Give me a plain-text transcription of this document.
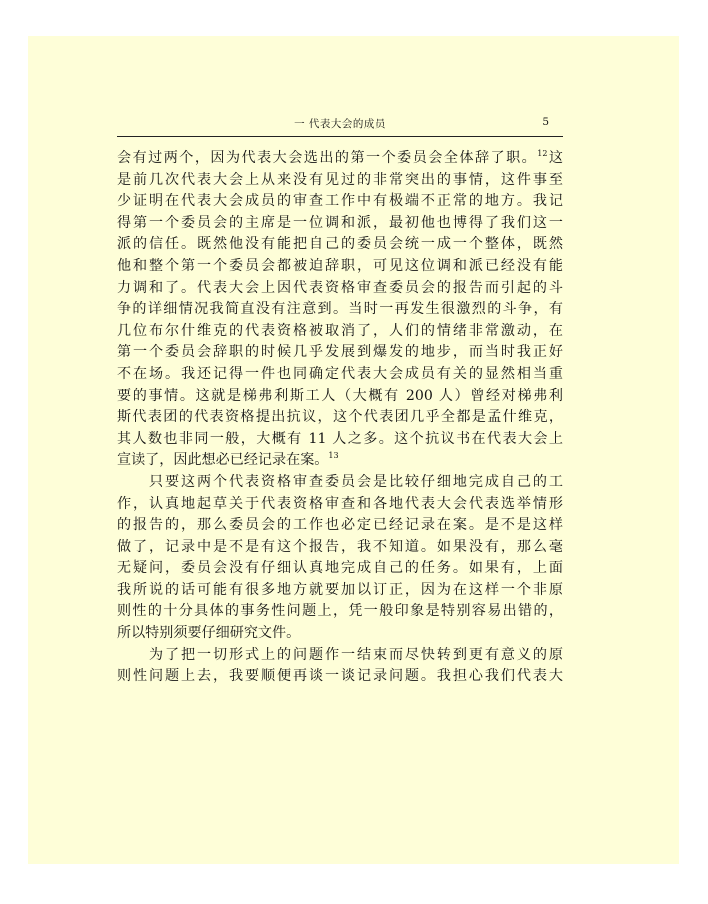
一 代表大会的成员	5
会有过两个，因为代表大会选出的第一个委员会全体辞了职。$^{12}$这
是前几次代表大会上从来没有见过的非常突出的事情，这件事至
少证明在代表大会成员的审查工作中有极端不正常的地方。我记
得第一个委员会的主席是一位调和派，最初他也博得了我们这一
派的信任。既然他没有能把自己的委员会统一成一个整体，既然
他和整个第一个委员会都被迫辞职，可见这位调和派已经没有能
力调和了。代表大会上因代表资格审查委员会的报告而引起的斗
争的详细情况我简直没有注意到。当时一再发生很激烈的斗争，有
几位布尔什维克的代表资格被取消了，人们的情绪非常激动，在
第一个委员会辞职的时候几乎发展到爆发的地步，而当时我正好
不在场。我还记得一件也同确定代表大会成员有关的显然相当重
要的事情。这就是梯弗利斯工人（大概有 200 人）曾经对梯弗利
斯代表团的代表资格提出抗议，这个代表团几乎全都是孟什维克，
其人数也非同一般，大概有 11 人之多。这个抗议书在代表大会上
宣读了，因此想必已经记录在案。$^{13}$
　　只要这两个代表资格审查委员会是比较仔细地完成自己的工
作，认真地起草关于代表资格审查和各地代表大会代表选举情形
的报告的，那么委员会的工作也必定已经记录在案。是不是这样
做了，记录中是不是有这个报告，我不知道。如果没有，那么毫
无疑问，委员会没有仔细认真地完成自己的任务。如果有，上面
我所说的话可能有很多地方就要加以订正，因为在这样一个非原
则性的十分具体的事务性问题上，凭一般印象是特别容易出错的，
所以特别须要仔细研究文件。
　　为了把一切形式上的问题作一结束而尽快转到更有意义的原
则性问题上去，我要顺便再谈一谈记录问题。我担心我们代表大
